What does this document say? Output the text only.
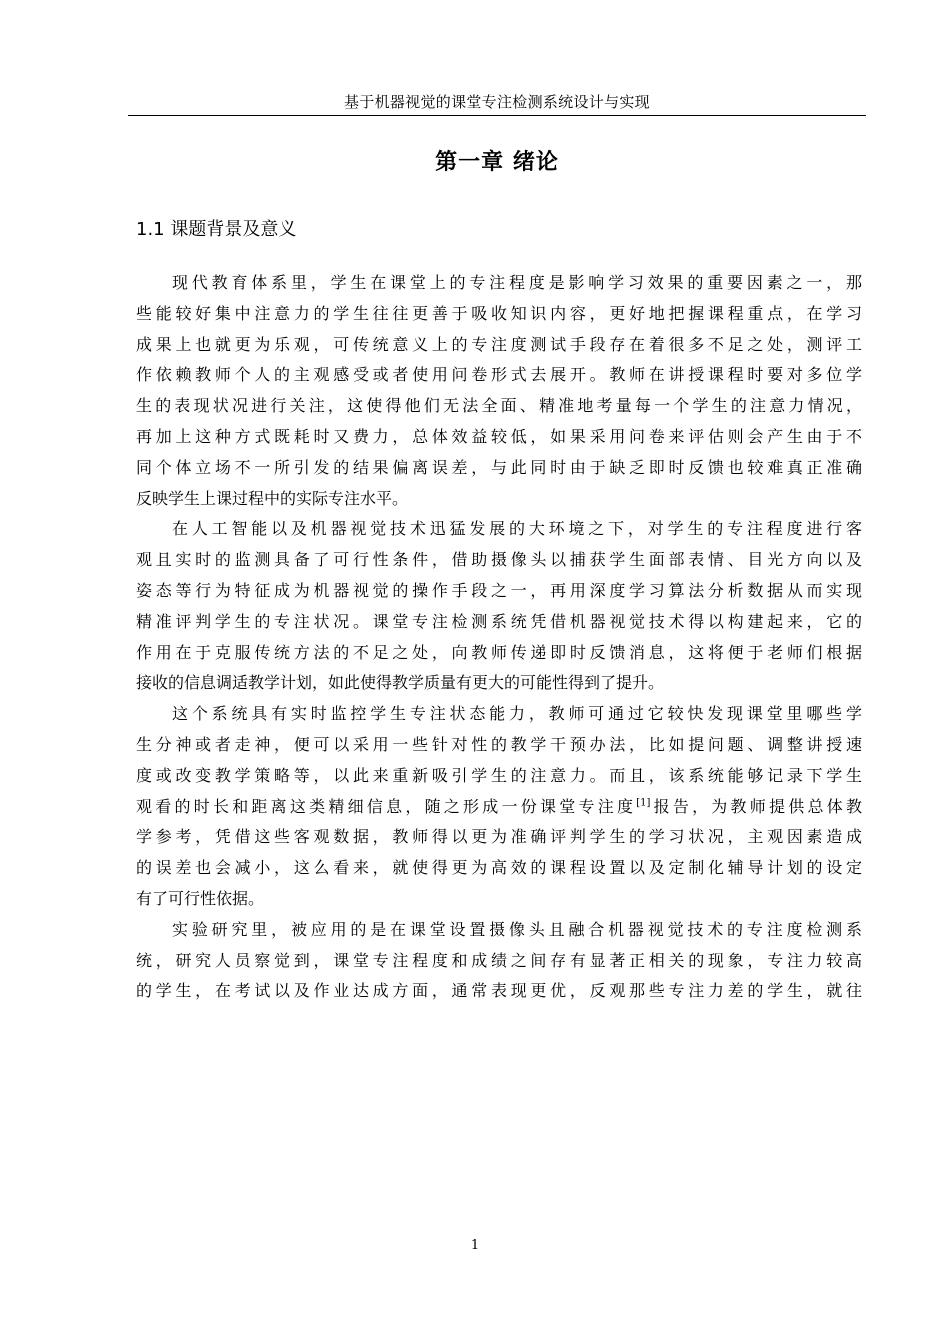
基于机器视觉的课堂专注检测系统设计与实现
第一章 绪论
1.1 课题背景及意义

现代教育体系里，学生在课堂上的专注程度是影响学习效果的重要因素之一，那
些能较好集中注意力的学生往往更善于吸收知识内容，更好地把握课程重点，在学习
成果上也就更为乐观，可传统意义上的专注度测试手段存在着很多不足之处，测评工
作依赖教师个人的主观感受或者使用问卷形式去展开。教师在讲授课程时要对多位学
生的表现状况进行关注，这使得他们无法全面、精准地考量每一个学生的注意力情况，
再加上这种方式既耗时又费力，总体效益较低，如果采用问卷来评估则会产生由于不
同个体立场不一所引发的结果偏离误差，与此同时由于缺乏即时反馈也较难真正准确
反映学生上课过程中的实际专注水平。

在人工智能以及机器视觉技术迅猛发展的大环境之下，对学生的专注程度进行客
观且实时的监测具备了可行性条件，借助摄像头以捕获学生面部表情、目光方向以及
姿态等行为特征成为机器视觉的操作手段之一，再用深度学习算法分析数据从而实现
精准评判学生的专注状况。课堂专注检测系统凭借机器视觉技术得以构建起来，它的
作用在于克服传统方法的不足之处，向教师传递即时反馈消息，这将便于老师们根据
接收的信息调适教学计划，如此使得教学质量有更大的可能性得到了提升。

这个系统具有实时监控学生专注状态能力，教师可通过它较快发现课堂里哪些学
生分神或者走神，便可以采用一些针对性的教学干预办法，比如提问题、调整讲授速
度或改变教学策略等，以此来重新吸引学生的注意力。而且，该系统能够记录下学生
观看的时长和距离这类精细信息，随之形成一份课堂专注度[1]报告，为教师提供总体教
学参考，凭借这些客观数据，教师得以更为准确评判学生的学习状况，主观因素造成
的误差也会减小，这么看来，就使得更为高效的课程设置以及定制化辅导计划的设定
有了可行性依据。

实验研究里，被应用的是在课堂设置摄像头且融合机器视觉技术的专注度检测系
统，研究人员察觉到，课堂专注程度和成绩之间存有显著正相关的现象，专注力较高
的学生，在考试以及作业达成方面，通常表现更优，反观那些专注力差的学生，就往

1
